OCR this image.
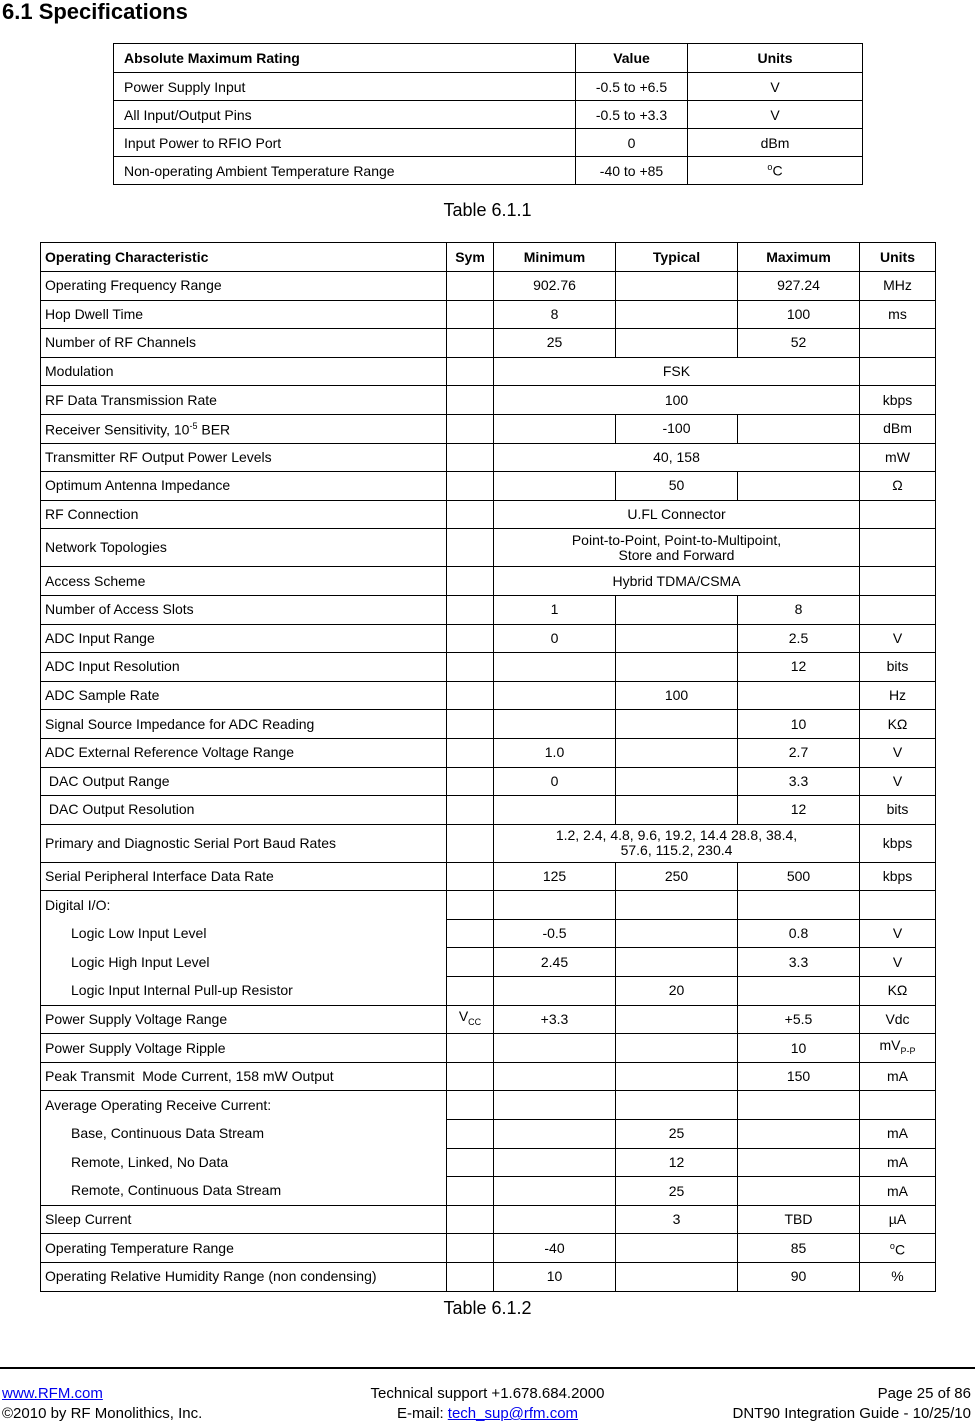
6.1 Specifications
Absolute Maximum Rating	Value	Units
Power Supply Input	-0.5 to +6.5	V
All Input/Output Pins	-0.5 to +3.3	V
Input Power to RFIO Port	0	dBm
Non-operating Ambient Temperature Range	-40 to +85	$^o$C
Table 6.1.1
Operating Characteristic	Sym	Minimum	Typical	Maximum	Units
Operating Frequency Range		902.76		927.24	MHz
Hop Dwell Time		8		100	ms
Number of RF Channels		25		52	
Modulation		FSK			
RF Data Transmission Rate		100			kbps
Receiver Sensitivity, $10^{-5}$ BER			-100		dBm
Transmitter RF Output Power Levels		40, 158			mW
Optimum Antenna Impedance			50		Ω
RF Connection		U.FL Connector			
Network Topologies		Point-to-Point, Point-to-Multipoint,
Store and Forward			

Access Scheme		Hybrid TDMA/CSMA			
Number of Access Slots		1		8	
ADC Input Range		0		2.5	V
ADC Input Resolution				12	bits
ADC Sample Rate			100		Hz
Signal Source Impedance for ADC Reading				10	KΩ
ADC External Reference Voltage Range		1.0		2.7	V
DAC Output Range		0		3.3	V
DAC Output Resolution				12	bits
Primary and Diagnostic Serial Port Baud Rates		1.2, 2.4, 4.8, 9.6, 19.2, 14.4 28.8, 38.4,
57.6, 115.2, 230.4			kbps
Serial Peripheral Interface Data Rate		125	250	500	kbps
Digital I/O:					
Logic Low Input Level		-0.5		0.8	V
Logic High Input Level		2.45		3.3	V
Logic Input Internal Pull-up Resistor			20		KΩ
Power Supply Voltage Range	$V_{CC}$	+3.3		+5.5	Vdc
Power Supply Voltage Ripple				10	$mV_{P-P}$
Peak Transmit  Mode Current, 158 mW Output				150	mA
Average Operating Receive Current:					
Base, Continuous Data Stream			25		mA
Remote, Linked, No Data			12		mA
Remote, Continuous Data Stream			25		mA
Sleep Current			3	TBD	µA
Operating Temperature Range		-40		85	$^o$C
Operating Relative Humidity Range (non condensing)		10		90	%
Table 6.1.2
www.RFM.com
©2010 by RF Monolithics, Inc.
Technical support +1.678.684.2000
E-mail: tech_sup@rfm.com
Page 25 of 86
DNT90 Integration Guide - 10/25/10
